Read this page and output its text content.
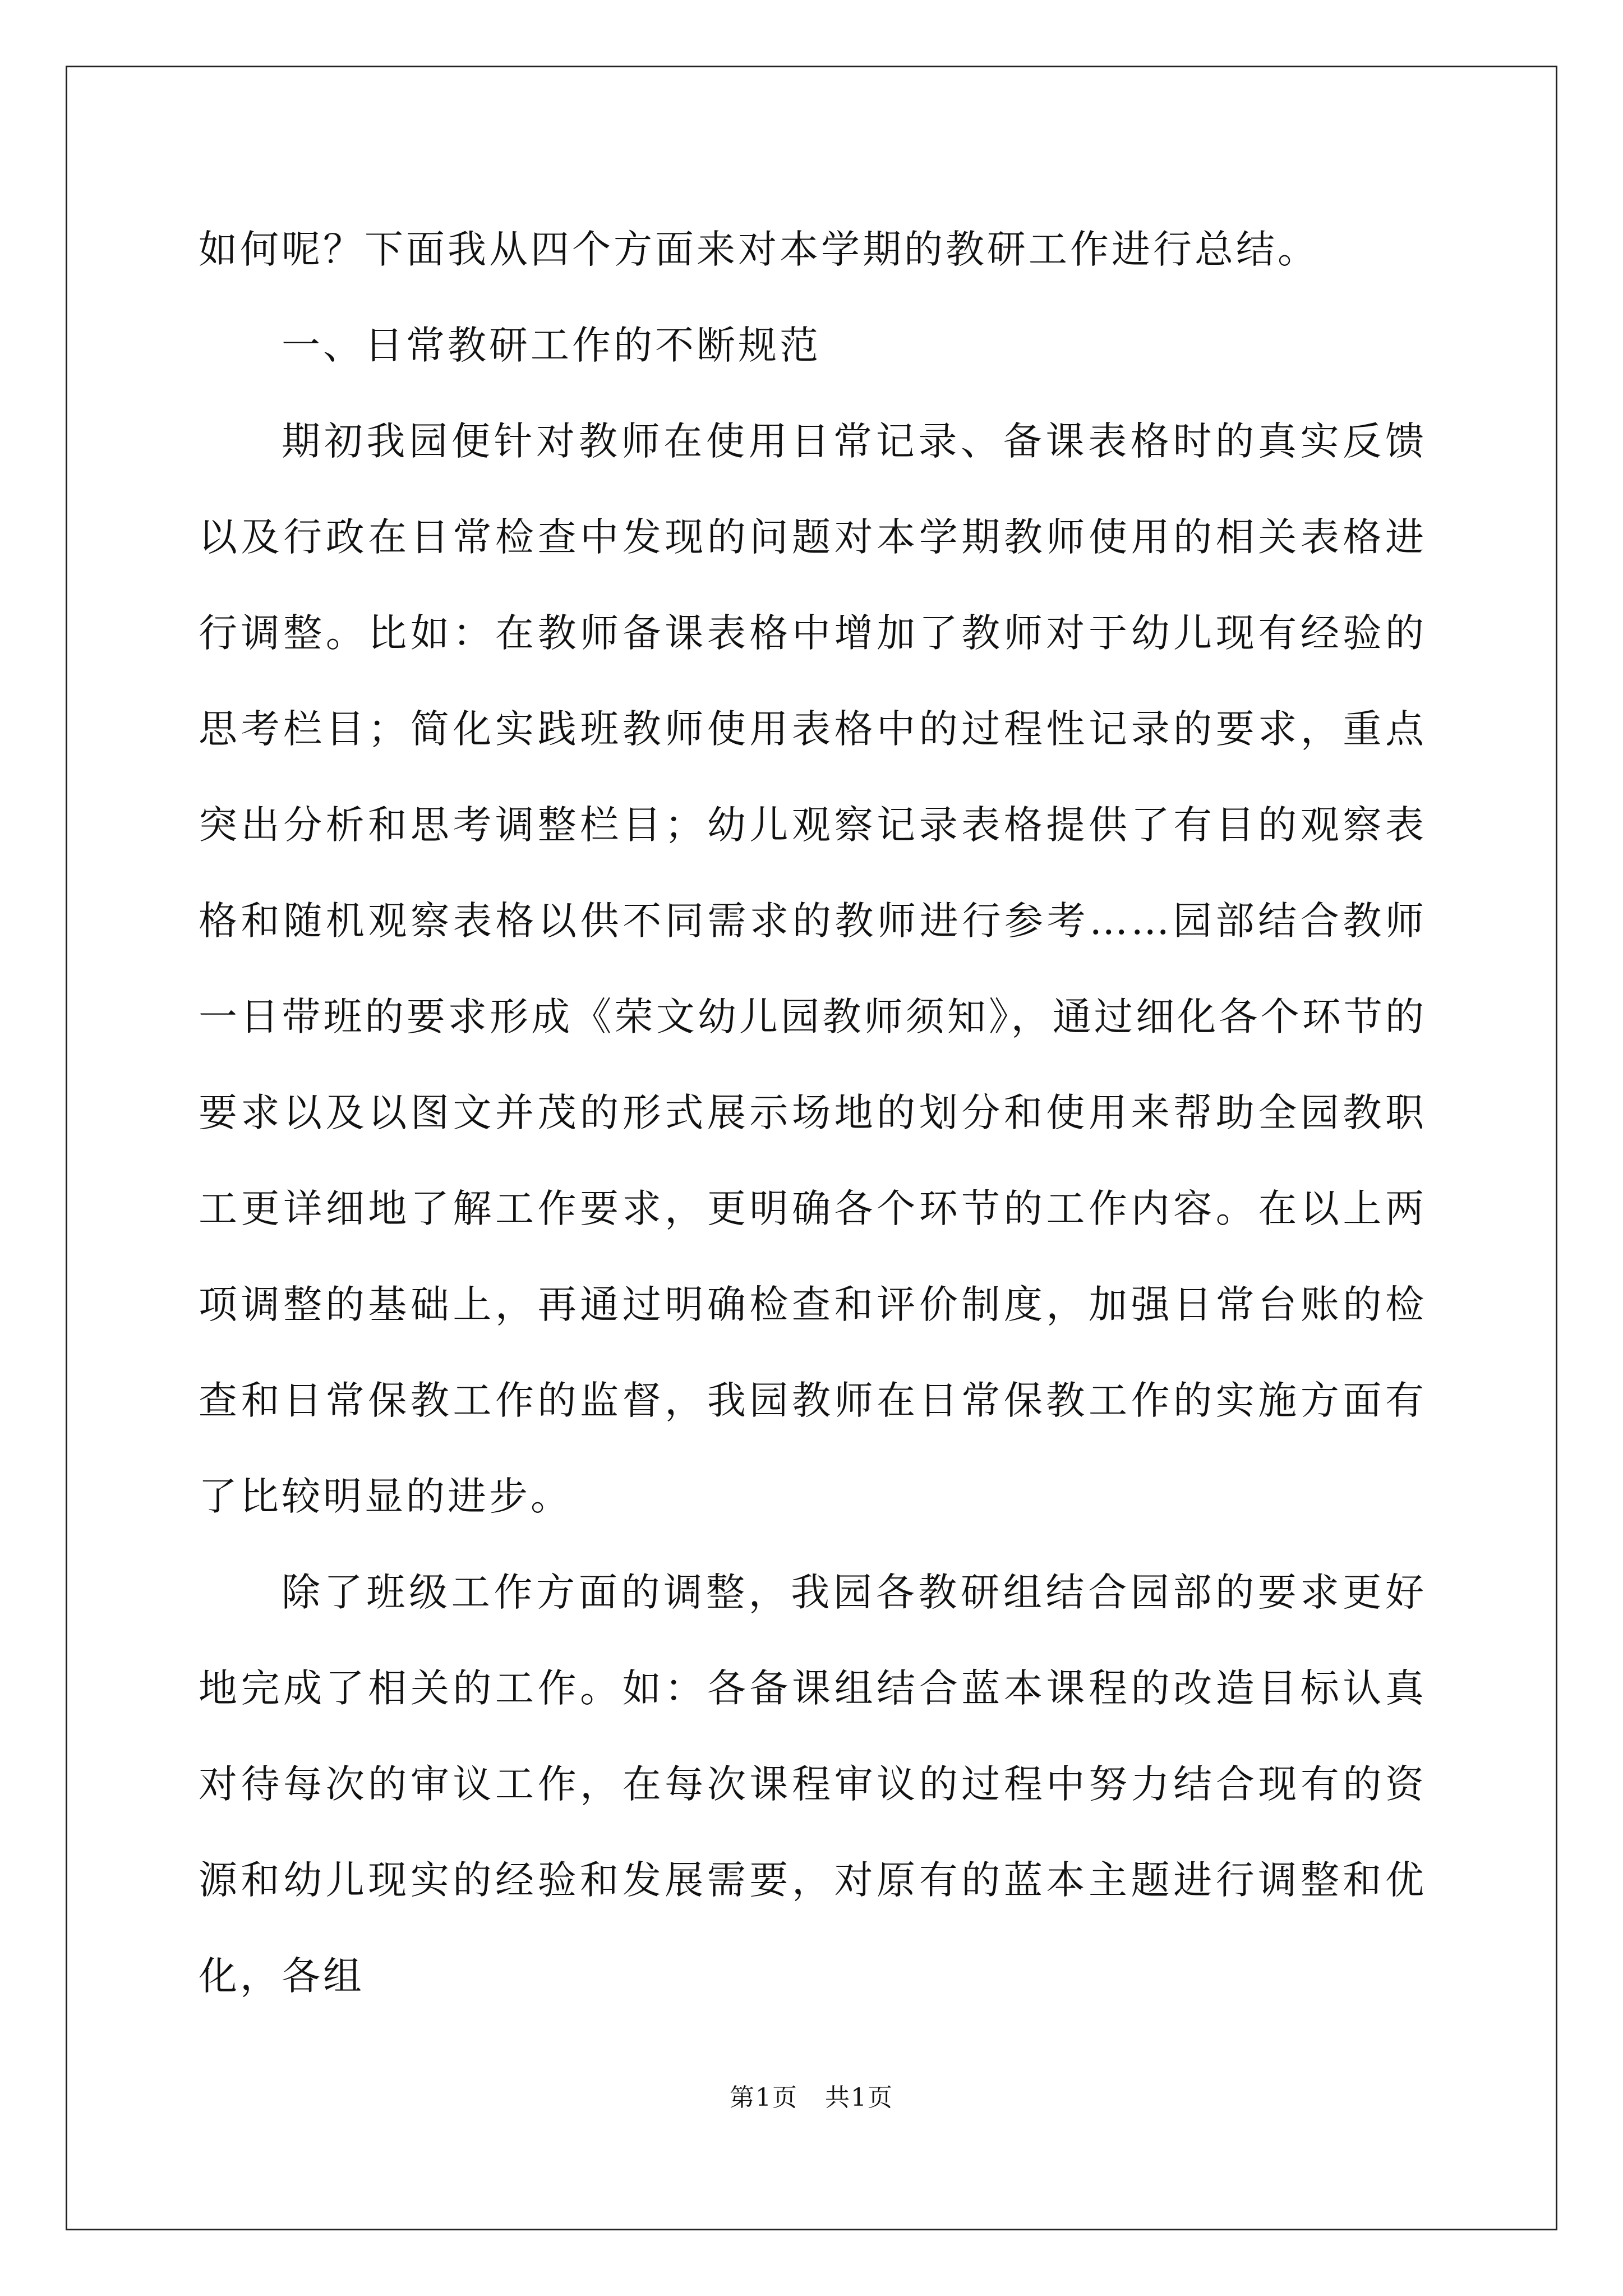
如何呢？下面我从四个方面来对本学期的教研工作进行总结。

一、日常教研工作的不断规范

期初我园便针对教师在使用日常记录、备课表格时的真实反馈以及行政在日常检查中发现的问题对本学期教师使用的相关表格进行调整。比如：在教师备课表格中增加了教师对于幼儿现有经验的思考栏目；简化实践班教师使用表格中的过程性记录的要求，重点突出分析和思考调整栏目；幼儿观察记录表格提供了有目的观察表格和随机观察表格以供不同需求的教师进行参考……园部结合教师一日带班的要求形成《荣文幼儿园教师须知》，通过细化各个环节的要求以及以图文并茂的形式展示场地的划分和使用来帮助全园教职工更详细地了解工作要求，更明确各个环节的工作内容。在以上两项调整的基础上，再通过明确检查和评价制度，加强日常台账的检查和日常保教工作的监督，我园教师在日常保教工作的实施方面有了比较明显的进步。

除了班级工作方面的调整，我园各教研组结合园部的要求更好地完成了相关的工作。如：各备课组结合蓝本课程的改造目标认真对待每次的审议工作，在每次课程审议的过程中努力结合现有的资源和幼儿现实的经验和发展需要，对原有的蓝本主题进行调整和优化，各组

第1页 共1页
